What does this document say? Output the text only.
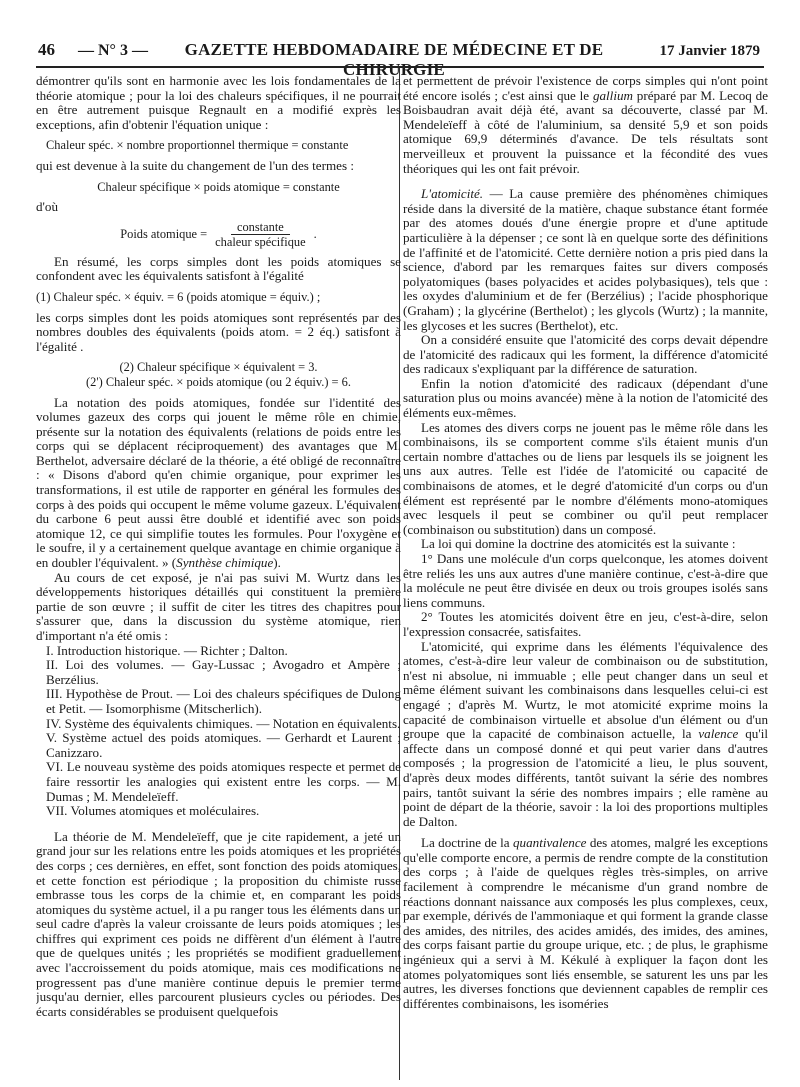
46	— N° 3 —	GAZETTE HEBDOMADAIRE DE MÉDECINE ET DE CHIRURGIE
17 Janvier 1879

démontrer qu'ils sont en harmonie avec les lois fondamentales de la théorie atomique ; pour la loi des chaleurs spécifiques, il ne pourrait en être autrement puisque Regnault en a modifié exprès les exceptions, afin d'obtenir l'équation unique :

Chaleur spéc. × nombre proportionnel thermique = constante

qui est devenue à la suite du changement de l'un des termes :

Chaleur spécifique × poids atomique = constante

d'où

Poids atomique = $\frac{\text{constante}}{\text{chaleur spécifique}}$ .

En résumé, les corps simples dont les poids atomiques se confondent avec les équivalents satisfont à l'égalité

(1) Chaleur spéc. × équiv. = 6 (poids atomique = équiv.) ;

les corps simples dont les poids atomiques sont représentés par des nombres doubles des équivalents (poids atom. = 2 éq.) satisfont à l'égalité .

(2) Chaleur spécifique × équivalent = 3.
(2') Chaleur spéc. × poids atomique (ou 2 équiv.) = 6.

La notation des poids atomiques, fondée sur l'identité des volumes gazeux des corps qui jouent le même rôle en chimie, présente sur la notation des équivalents (relations de poids entre les corps qui se déplacent réciproquement) des avantages que M. Berthelot, adversaire déclaré de la théorie, a été obligé de reconnaître : « Disons d'abord qu'en chimie organique, pour exprimer les transformations, il est utile de rapporter en général les formules des corps à des poids qui occupent le même volume gazeux. L'équivalent du carbone 6 peut aussi être doublé et identifié avec son poids atomique 12, ce qui simplifie toutes les formules. Pour l'oxygène et le soufre, il y a certainement quelque avantage en chimie organique à en doubler l'équivalent. » (Synthèse chimique).

Au cours de cet exposé, je n'ai pas suivi M. Wurtz dans les développements historiques détaillés qui constituent la première partie de son œuvre ; il suffit de citer les titres des chapitres pour s'assurer que, dans la discussion du système atomique, rien d'important n'a été omis :

I. Introduction historique. — Richter ; Dalton.

II. Loi des volumes. — Gay-Lussac ; Avogadro et Ampère ; Berzélius.

III. Hypothèse de Prout. — Loi des chaleurs spécifiques de Dulong et Petit. — Isomorphisme (Mitscherlich).

IV. Système des équivalents chimiques. — Notation en équivalents.

V. Système actuel des poids atomiques. — Gerhardt et Laurent ; Canizzaro.

VI. Le nouveau système des poids atomiques respecte et permet de faire ressortir les analogies qui existent entre les corps. — M. Dumas ; M. Mendeleïeff.

VII. Volumes atomiques et moléculaires.

La théorie de M. Mendeleïeff, que je cite rapidement, a jeté un grand jour sur les relations entre les poids atomiques et les propriétés des corps ; ces dernières, en effet, sont fonction des poids atomiques, et cette fonction est périodique ; la proposition du chimiste russe embrasse tous les corps de la chimie et, en comparant les poids atomiques du système actuel, il a pu ranger tous les éléments dans un seul cadre d'après la valeur croissante de leurs poids atomiques ; les chiffres qui expriment ces poids ne diffèrent d'un élément à l'autre que de quelques unités ; les propriétés se modifient graduellement avec l'accroissement du poids atomique, mais ces modifications ne progressent pas d'une manière continue depuis le premier terme jusqu'au dernier, elles parcourent plusieurs cycles ou périodes. Des écarts considérables se produisent quelquefois

et permettent de prévoir l'existence de corps simples qui n'ont point été encore isolés ; c'est ainsi que le gallium préparé par M. Lecoq de Boisbaudran avait déjà été, avant sa découverte, classé par M. Mendeleïeff à côté de l'aluminium, sa densité 5,9 et son poids atomique 69,9 déterminés d'avance. De tels résultats sont merveilleux et prouvent la puissance et la fécondité des vues théoriques qui les ont fait prévoir.

L'atomicité. — La cause première des phénomènes chimiques réside dans la diversité de la matière, chaque substance étant formée par des atomes doués d'une énergie propre et d'une aptitude particulière à la dépenser ; ce sont là en quelque sorte des définitions de l'affinité et de l'atomicité. Cette dernière notion a pris pied dans la science, d'abord par les remarques faites sur divers composés polyatomiques (bases polyacides et acides polybasiques), tels que : les oxydes d'aluminium et de fer (Berzélius) ; l'acide phosphorique (Graham) ; la glycérine (Berthelot) ; les glycols (Wurtz) ; la mannite, les glycoses et les sucres (Berthelot), etc.

On a considéré ensuite que l'atomicité des corps devait dépendre de l'atomicité des radicaux qui les forment, la différence d'atomicité des radicaux s'expliquant par la différence de saturation.

Enfin la notion d'atomicité des radicaux (dépendant d'une saturation plus ou moins avancée) mène à la notion de l'atomicité des éléments eux-mêmes.

Les atomes des divers corps ne jouent pas le même rôle dans les combinaisons, ils se comportent comme s'ils étaient munis d'un certain nombre d'attaches ou de liens par lesquels ils se joignent les uns aux autres. Telle est l'idée de l'atomicité ou capacité de combinaisons de atomes, et le degré d'atomicité d'un corps ou d'un élément est représenté par le nombre d'éléments mono-atomiques avec lesquels il peut se combiner ou qu'il peut remplacer (combinaison ou substitution) dans un composé.

La loi qui domine la doctrine des atomicités est la suivante :

1° Dans une molécule d'un corps quelconque, les atomes doivent être reliés les uns aux autres d'une manière continue, c'est-à-dire que la molécule ne peut être divisée en deux ou trois groupes isolés sans liens communs.

2° Toutes les atomicités doivent être en jeu, c'est-à-dire, selon l'expression consacrée, satisfaites.

L'atomicité, qui exprime dans les éléments l'équivalence des atomes, c'est-à-dire leur valeur de combinaison ou de substitution, n'est ni absolue, ni immuable ; elle peut changer dans un seul et même élément suivant les combinaisons dans lesquelles celui-ci est engagé ; d'après M. Wurtz, le mot atomicité exprime moins la capacité de combinaison virtuelle et absolue d'un élément ou d'un groupe que la capacité de combinaison actuelle, la valence qu'il affecte dans un composé donné et qui peut varier dans d'autres composés ; la progression de l'atomicité a lieu, le plus souvent, d'après deux modes différents, tantôt suivant la série des nombres pairs, tantôt suivant la série des nombres impairs ; elle ramène au point de départ de la théorie, savoir : la loi des proportions multiples de Dalton.

La doctrine de la quantivalence des atomes, malgré les exceptions qu'elle comporte encore, a permis de rendre compte de la constitution des corps ; à l'aide de quelques règles très-simples, on arrive facilement à comprendre le mécanisme d'un grand nombre de réactions donnant naissance aux composés les plus complexes, ceux, par exemple, dérivés de l'ammoniaque et qui forment la grande classe des amides, des nitriles, des acides amidés, des imides, des amines, des corps faisant partie du groupe urique, etc. ; de plus, le graphisme ingénieux qui a servi à M. Kékulé à expliquer la façon dont les atomes polyatomiques sont liés ensemble, se saturent les uns par les autres, les diverses fonctions que deviennent capables de remplir ces différentes combinaisons, les isoméries
